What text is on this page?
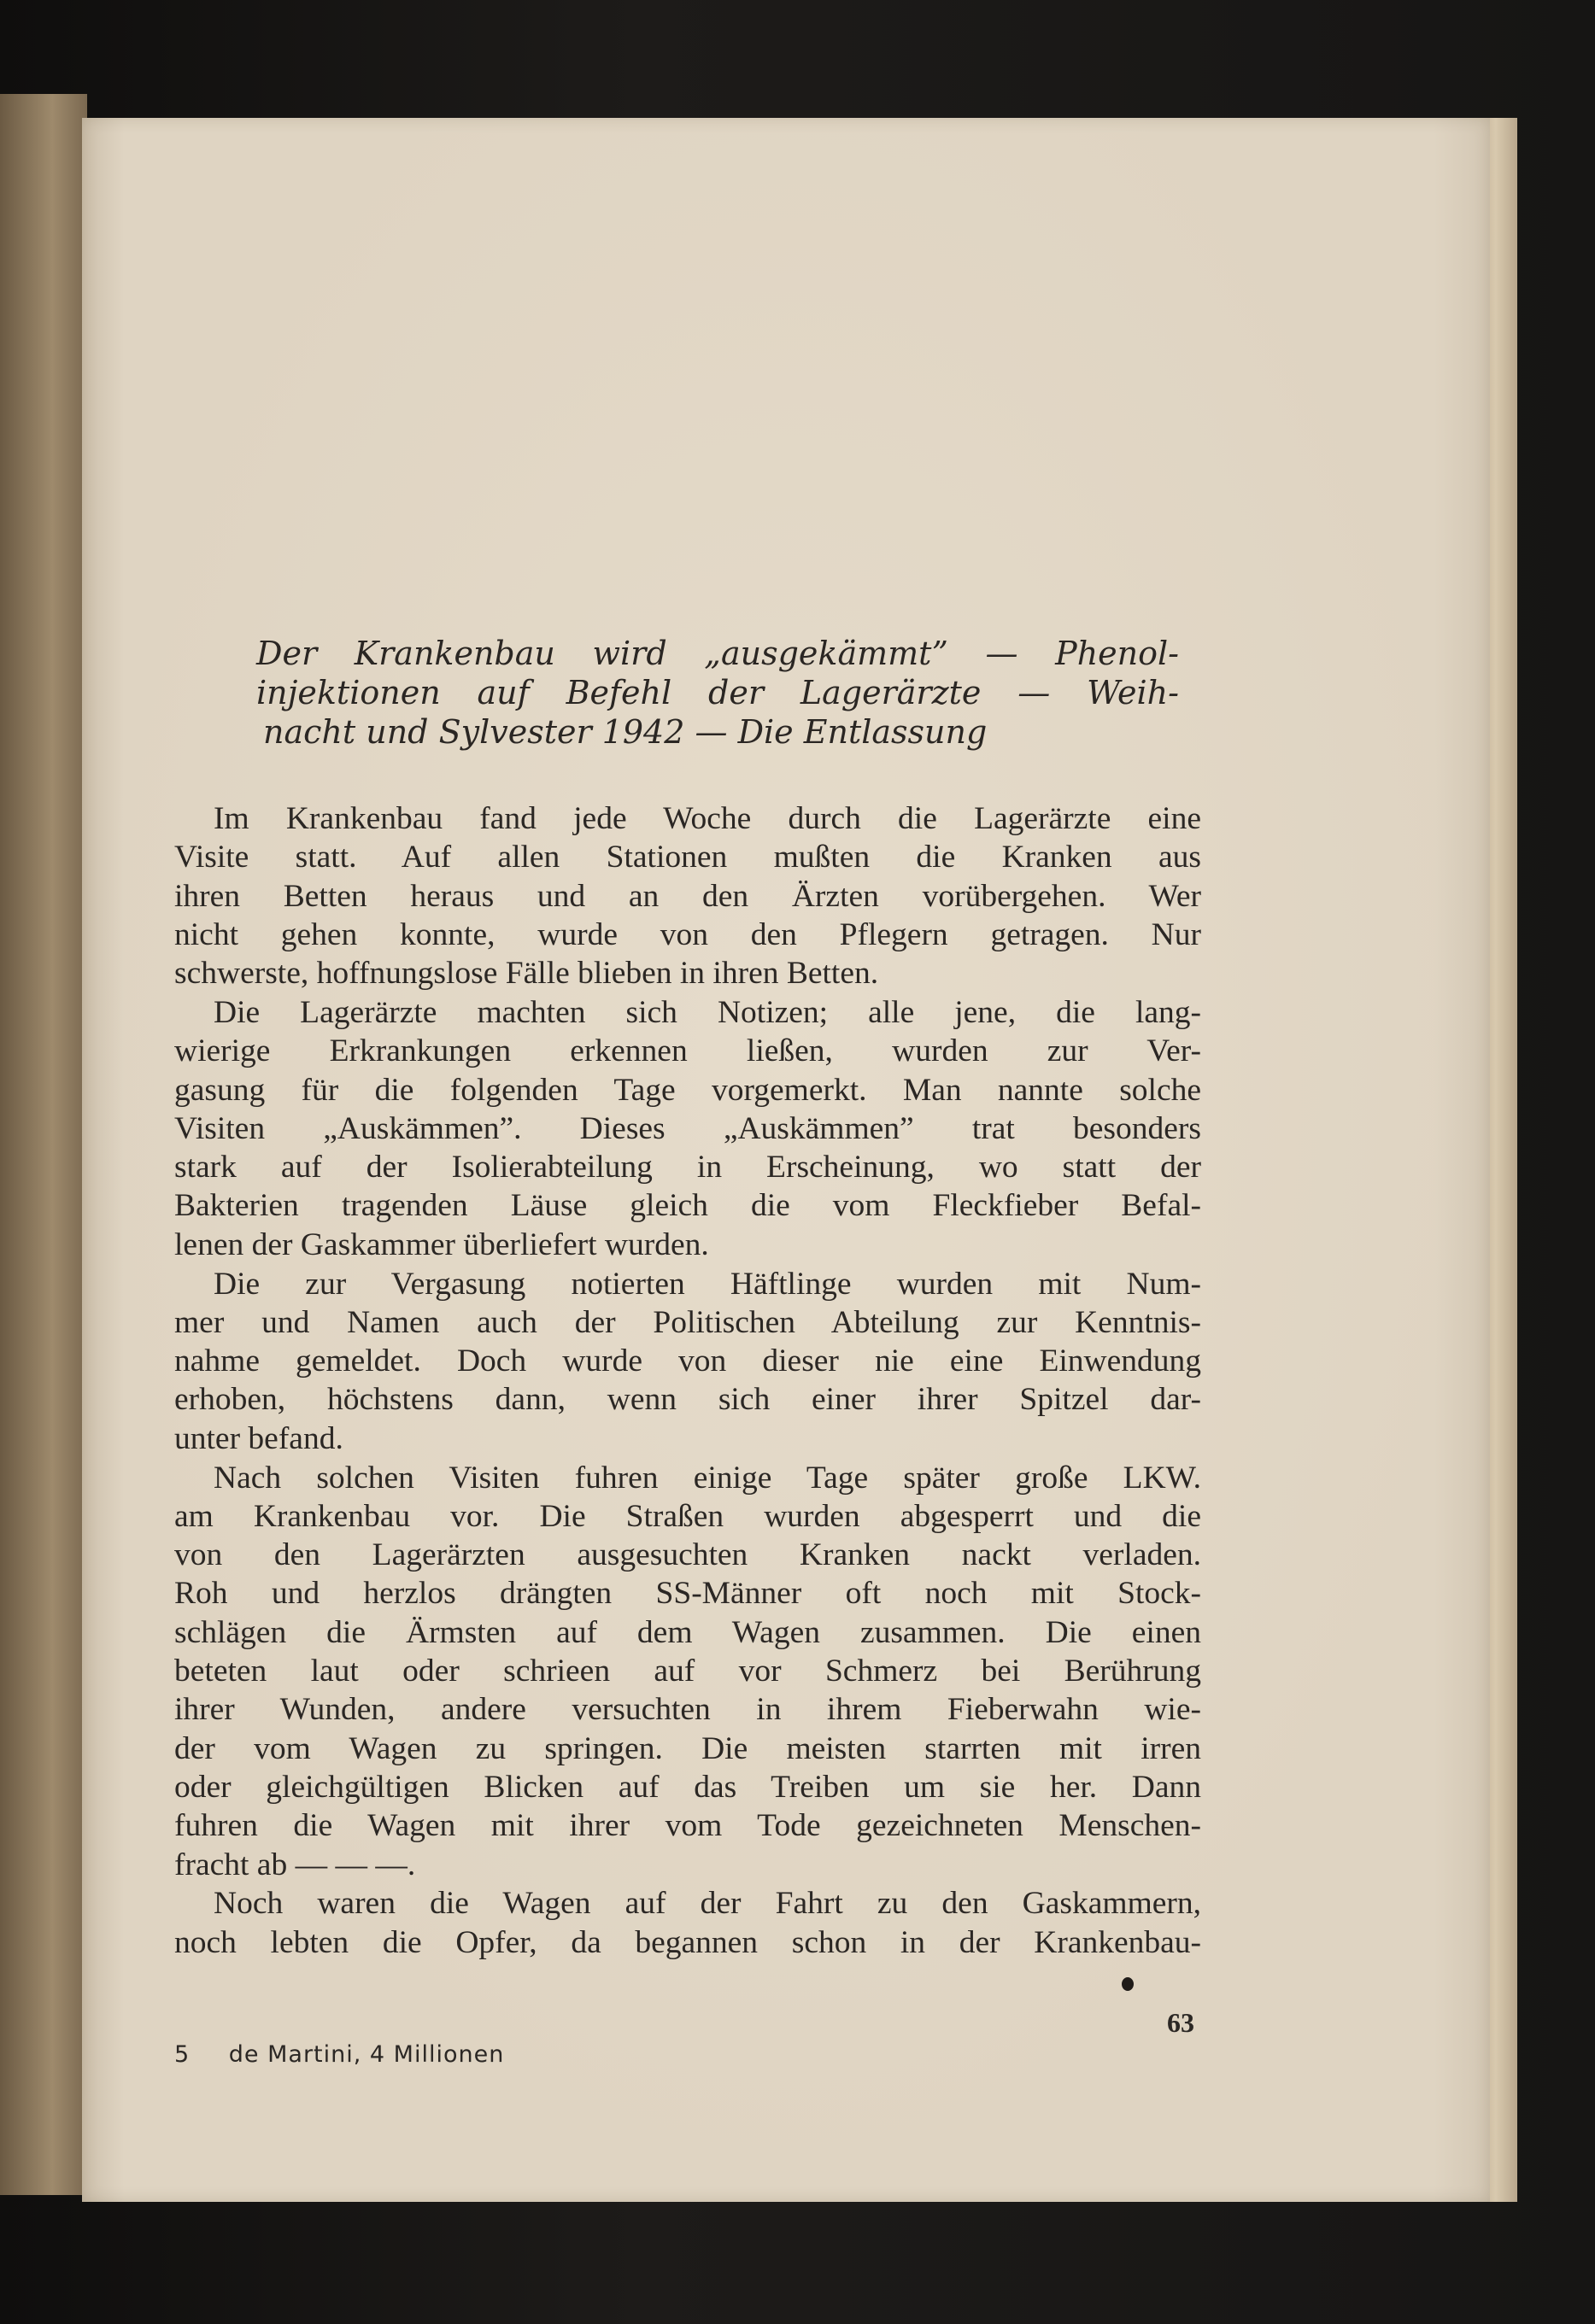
Der Krankenbau wird „ausgekämmt” — Phenol-
injektionen auf Befehl der Lagerärzte — Weih-
nacht und Sylvester 1942 — Die Entlassung

Im Krankenbau fand jede Woche durch die Lagerärzte eine
Visite statt. Auf allen Stationen mußten die Kranken aus
ihren Betten heraus und an den Ärzten vorübergehen. Wer
nicht gehen konnte, wurde von den Pflegern getragen. Nur
schwerste, hoffnungslose Fälle blieben in ihren Betten.

Die Lagerärzte machten sich Notizen; alle jene, die lang-
wierige Erkrankungen erkennen ließen, wurden zur Ver-
gasung für die folgenden Tage vorgemerkt. Man nannte solche
Visiten „Auskämmen”. Dieses „Auskämmen” trat besonders
stark auf der Isolierabteilung in Erscheinung, wo statt der
Bakterien tragenden Läuse gleich die vom Fleckfieber Befal-
lenen der Gaskammer überliefert wurden.

Die zur Vergasung notierten Häftlinge wurden mit Num-
mer und Namen auch der Politischen Abteilung zur Kenntnis-
nahme gemeldet. Doch wurde von dieser nie eine Einwendung
erhoben, höchstens dann, wenn sich einer ihrer Spitzel dar-
unter befand.

Nach solchen Visiten fuhren einige Tage später große LKW.
am Krankenbau vor. Die Straßen wurden abgesperrt und die
von den Lagerärzten ausgesuchten Kranken nackt verladen.
Roh und herzlos drängten SS-Männer oft noch mit Stock-
schlägen die Ärmsten auf dem Wagen zusammen. Die einen
beteten laut oder schrieen auf vor Schmerz bei Berührung
ihrer Wunden, andere versuchten in ihrem Fieberwahn wie-
der vom Wagen zu springen. Die meisten starrten mit irren
oder gleichgültigen Blicken auf das Treiben um sie her. Dann
fuhren die Wagen mit ihrer vom Tode gezeichneten Menschen-
fracht ab — — —.

Noch waren die Wagen auf der Fahrt zu den Gaskammern,
noch lebten die Opfer, da begannen schon in der Krankenbau-

63
5 de Martini, 4 Millionen
